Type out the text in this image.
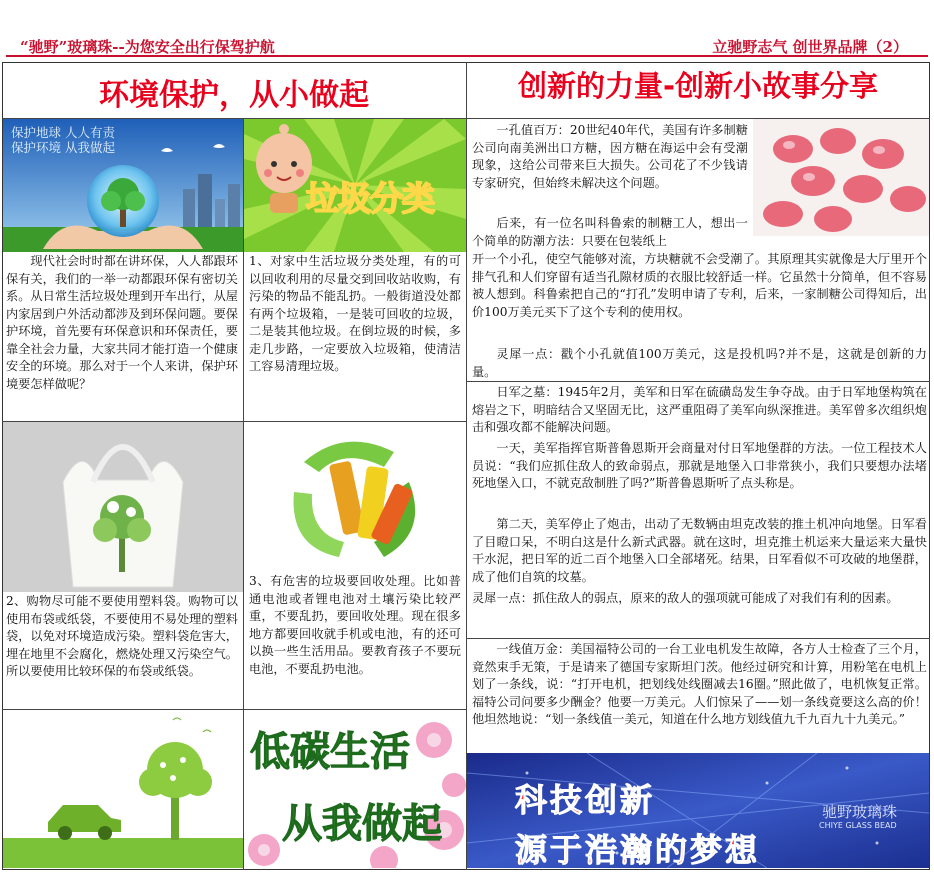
“驰野”玻璃珠--为您安全出行保驾护航	立驰野志气 创世界品牌（2）
环境保护，从小做起	创新的力量-创新小故事分享
保护地球 人人有责
保护环境 从我做起
垃圾分类
现代社会时时都在讲环保，人人都跟环保有关，我们的一举一动都跟环保有密切关系。从日常生活垃圾处理到开车出行，从屋内家居到户外活动都涉及到环保问题。要保护环境，首先要有环保意识和环保责任，要靠全社会力量，大家共同才能打造一个健康安全的环境。那么对于一个人来讲，保护环境要怎样做呢？
1、对家中生活垃圾分类处理，有的可以回收利用的尽量交到回收站收购，有污染的物品不能乱扔。一般街道没处都有两个垃圾箱，一是装可回收的垃圾，二是装其他垃圾。在倒垃圾的时候，多走几步路，一定要放入垃圾箱，使清洁工容易清理垃圾。
2、购物尽可能不要使用塑料袋。购物可以使用布袋或纸袋，不要使用不易处理的塑料袋，以免对环境造成污染。塑料袋危害大，埋在地里不会腐化，燃烧处理又污染空气。所以要使用比较环保的布袋或纸袋。
3、有危害的垃圾要回收处理。比如普通电池或者锂电池对土壤污染比较严重，不要乱扔，要回收处理。现在很多地方都要回收就手机或电池，有的还可以换一些生活用品。要教育孩子不要玩电池，不要乱扔电池。
低碳生活
从我做起
一孔值百万：20世纪40年代，美国有许多制糖公司向南美洲出口方糖，因方糖在海运中会有受潮现象，这给公司带来巨大损失。公司花了不少钱请专家研究，但始终未解决这个问题。
后来，有一位名叫科鲁索的制糖工人，想出一个简单的防潮方法：只要在包装纸上
开一个小孔，使空气能够对流，方块糖就不会受潮了。其原理其实就像是大厅里开个排气孔和人们穿留有适当孔隙材质的衣服比较舒适一样。它虽然十分简单，但不容易被人想到。科鲁索把自己的“打孔”发明申请了专利，后来，一家制糖公司得知后，出价100万美元买下了这个专利的使用权。
灵犀一点：戳个小孔就值100万美元，这是投机吗?并不是，这就是创新的力量。
日军之墓：1945年2月，美军和日军在硫磺岛发生争夺战。由于日军地堡构筑在熔岩之下，明暗结合又坚固无比，这严重阻碍了美军向纵深推进。美军曾多次组织炮击和强攻都不能解决问题。
一天，美军指挥官斯普鲁恩斯开会商量对付日军地堡群的方法。一位工程技术人员说：“我们应抓住敌人的致命弱点，那就是地堡入口非常狭小，我们只要想办法堵死地堡入口，不就克敌制胜了吗?”斯普鲁恩斯听了点头称是。
第二天，美军停止了炮击，出动了无数辆由坦克改装的推土机冲向地堡。日军看了目瞪口呆，不明白这是什么新式武器。就在这时，坦克推土机运来大量运来大量快干水泥，把日军的近二百个地堡入口全部堵死。结果，日军看似不可攻破的地堡群，成了他们自筑的坟墓。
灵犀一点：抓住敌人的弱点，原来的敌人的强项就可能成了对我们有利的因素。
一线值万金：美国福特公司的一台工业电机发生故障，各方人士检查了三个月，竟然束手无策，于是请来了德国专家斯坦门茨。他经过研究和计算，用粉笔在电机上划了一条线，说：“打开电机，把划线处线圈减去16圈。”照此做了，电机恢复正常。福特公司问要多少酬金？他要一万美元。人们惊呆了——划一条线竟要这么高的价！他坦然地说：“划一条线值一美元，知道在什么地方划线值九千九百九十九美元。”
科技创新
源于浩瀚的梦想
驰野玻璃珠
CHIYE GLASS BEAD
